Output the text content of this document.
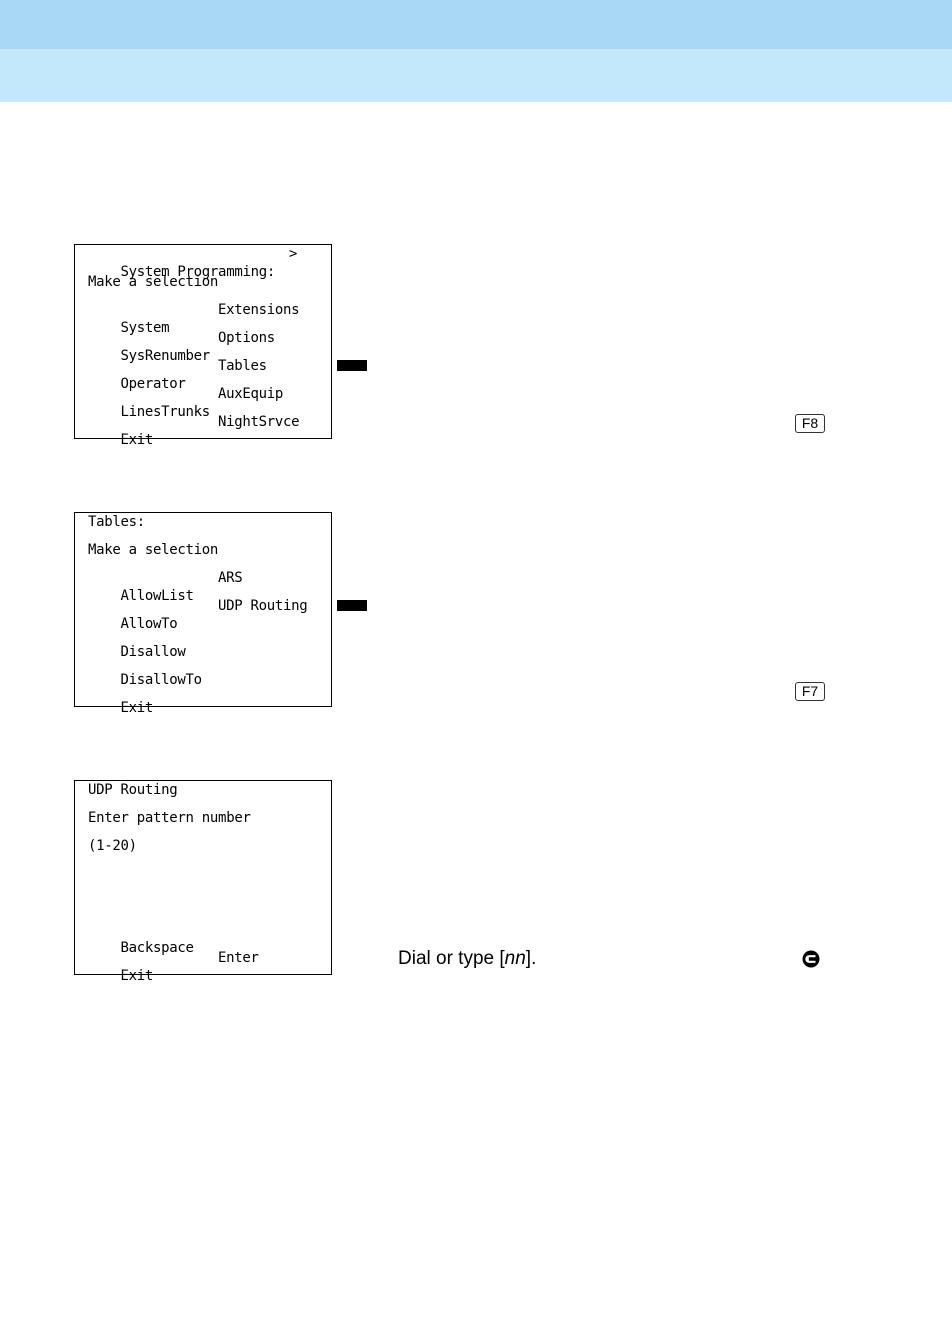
System Programming:

>

Make a selection

System

Extensions

SysRenumber

Options

Operator

Tables

LinesTrunks

AuxEquip

Exit

NightSrvce

	F8
Tables:
Make a selection

AllowList

ARS

AllowTo

UDP Routing

Disallow

DisallowTo

Exit

F7
UDP Routing
Enter pattern number
(1-20)

Backspace

Exit

Enter

	Dial or type [nn].
